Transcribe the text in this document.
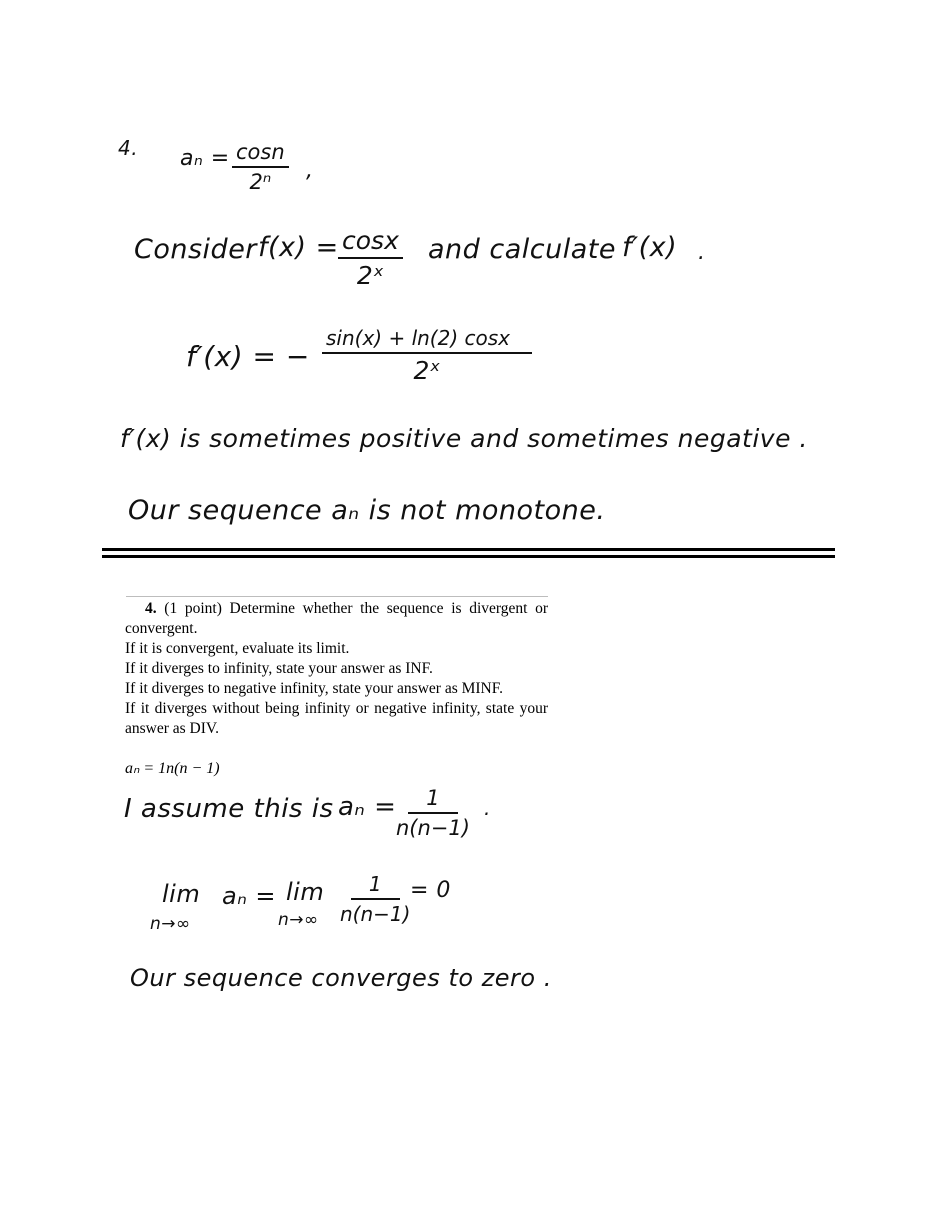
4. $a_n = \frac{\cos n}{\text{2ⁿ}}$ ,
Consider $f(x) = \frac{\cos x}{\text{2ˣ}}$ and calculate f′(x) .
f′(x) = −
sin(x) + ln(2) cosx
2ˣ
f′(x) is sometimes positive and sometimes negative .
Our sequence aₙ is not monotone.

4. (1 point) Determine whether the sequence is divergent or convergent.

If it is convergent, evaluate its limit.

If it diverges to infinity, state your answer as INF.

If it diverges to negative infinity, state your answer as MINF.

If it diverges without being infinity or negative infinity, state your answer as DIV.

aₙ = 1n(n − 1)
I assume this is $a_n = \frac{1}{n(n-1)}$ .
lim
n→∞
aₙ = lim
$n\to\infty \frac{1}{n(n-1)} = 0$
Our sequence converges to zero .
